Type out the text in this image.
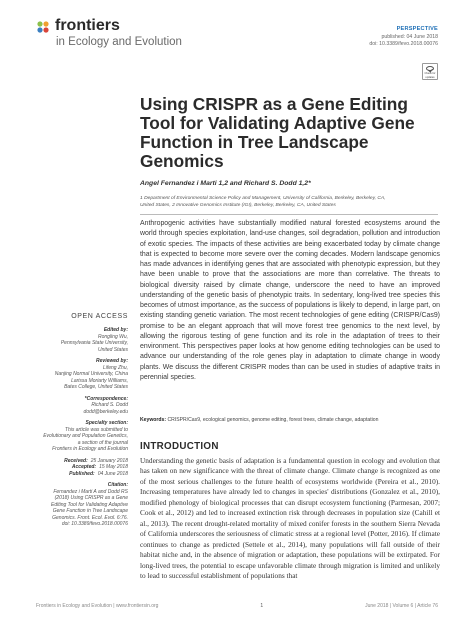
frontiers
in Ecology and Evolution
PERSPECTIVE
published: 04 June 2018
doi: 10.3389/fevo.2018.00076
Check for
updates
Using CRISPR as a Gene Editing Tool for Validating Adaptive Gene Function in Tree Landscape Genomics
Angel Fernandez i Marti 1,2 and Richard S. Dodd 1,2*
1 Department of Environmental Science Policy and Management, University of California, Berkeley, Berkeley, CA,
United States, 2 Innovative Genomics Institute (IGI), Berkeley, Berkeley, CA, United States

Anthropogenic activities have substantially modified natural forested ecosystems around the world through species exploitation, land-use changes, soil degradation, pollution and introduction of exotic species. The impacts of these activities are being exacerbated today by climate change that is expected to become more severe over the coming decades. Modern landscape genomics has made advances in identifying genes that are associated with phenotypic expression, but they have been unable to prove that the associations are more than correlative. The threats to biological diversity raised by climate change, underscore the need to have an improved understanding of the genetic basis of phenotypic traits. In sedentary, long-lived tree species this becomes of utmost importance, as the success of populations is likely to depend, in large part, on existing standing genetic variation. The most recent technologies of gene editing (CRISPR/Cas9) promise to be an elegant approach that will move forest tree genomics to the next level, by allowing the rigorous testing of gene function and its role in the adaptation of trees to their environment. This perspectives paper looks at how genome editing technologies can be used to advance our understanding of the role genes play in adaptation to climate change in woody plants. We discuss the different CRISPR modes than can be used in studies of adaptive traits in perennial species.

Keywords: CRISPR/Cas9, ecological genomics, genome editing, forest trees, climate change, adaptation
OPEN ACCESS
Edited by:
Rongling Wu,
Pennsylvania State University,
United States
Reviewed by:
Lifeng Zhu,
Nanjing Normal University, China
Larissa Moriarty Williams,
Bates College, United States
*Correspondence:
Richard S. Dodd
dodd@berkeley.edu
Specialty section:
This article was submitted to
Evolutionary and Population Genetics,
a section of the journal
Frontiers in Ecology and Evolution
Received: 25 January 2018
Accepted: 15 May 2018
Published: 04 June 2018
Citation:
Fernandez i Marti A and Dodd RS
(2018) Using CRISPR as a Gene
Editing Tool for Validating Adaptive
Gene Function in Tree Landscape
Genomics. Front. Ecol. Evol. 6:76.
doi: 10.3389/fevo.2018.00076
INTRODUCTION

Understanding the genetic basis of adaptation is a fundamental question in ecology and evolution that has taken on new significance with the threat of climate change. Climate change is recognized as one of the most serious challenges to the future health of ecosystems worldwide (Pereira et al., 2010). Increasing temperatures have already led to changes in species' distributions (Gonzalez et al., 2010), modified phenology of biological processes that can disrupt ecosystem functioning (Parmesan, 2007; Cook et al., 2012) and led to increased extinction risk through decreases in population size (Cahill et al., 2013). The recent drought-related mortality of mixed conifer forests in the southern Sierra Nevada of California underscores the seriousness of climatic stress at a regional level (Potter, 2016). If climate continues to change as predicted (Settele et al., 2014), many populations will fall outside of their habitat niche and, in the absence of migration or adaptation, these populations will be extirpated. For long-lived trees, the potential to escape unfavorable climate through migration is limited and unlikely to lead to successful establishment of populations that

Frontiers in Ecology and Evolution | www.frontiersin.org	1	June 2018 | Volume 6 | Article 76
